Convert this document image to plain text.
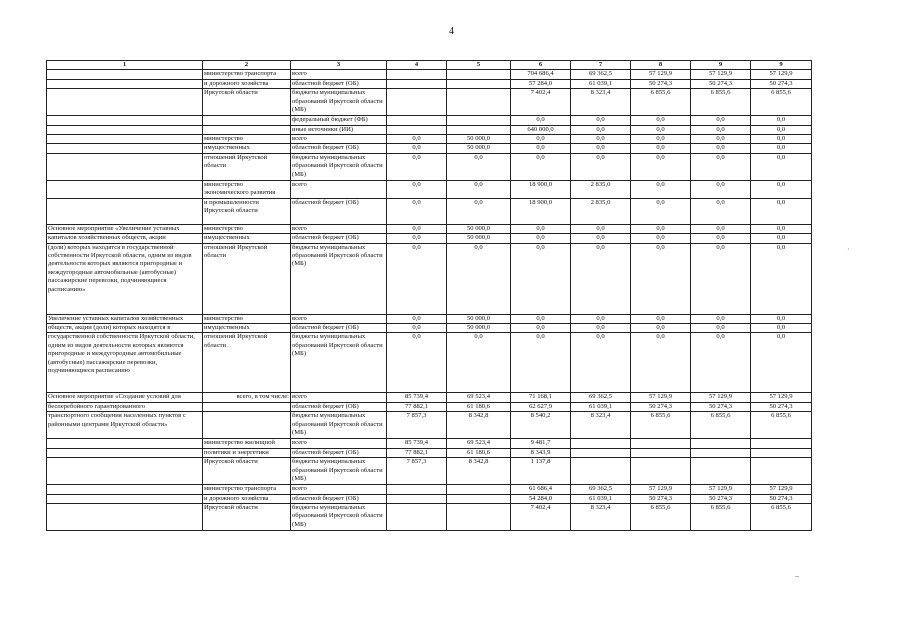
4
1	2	3	4	5	6	7	8	9	9
	министерство транспорта	всего			704 686,4	69 362,5	57 129,9	57 129,9	57 129,9
	и дорожного хозяйства	областной бюджет (ОБ)			57 284,0	61 039,1	50 274,3	50 274,3	50 274,3
	Иркутской области	бюджеты муниципальных образований Иркутской области (МБ)			7 402,4	8 323,4	6 855,6	6 855,6	6 855,6
		федеральный бюджет (ФБ)			0,0	0,0	0,0	0,0	0,0
		иные источники (ИИ)			640 000,0	0,0	0,0	0,0	0,0
	министерство	всего	0,0	50 000,0	0,0	0,0	0,0	0,0	0,0
	имущественных	областной бюджет (ОБ)	0,0	50 000,0	0,0	0,0	0,0	0,0	0,0
	отношений Иркутской области	бюджеты муниципальных образований Иркутской области (МБ)	0,0	0,0	0,0	0,0	0,0	0,0	0,0
	министерство экономического развития	всего	0,0	0,0	18 900,0	2 835,0	0,0	0,0	0,0
	и промышленности Иркутской области	областной бюджет (ОБ)	0,0	0,0	18 900,0	2 835,0	0,0	0,0	0,0
Основное мероприятие «Увеличение уставных	министерство	всего	0,0	50 000,0	0,0	0,0	0,0	0,0	0,0
капиталов хозяйственных обществ, акции	имущественных	областной бюджет (ОБ)	0,0	50 000,0	0,0	0,0	0,0	0,0	0,0
(доли) которых находятся в государственной собственности Иркутской области, одним из видов деятельности которых являются пригородные и междугородные автомобильные (автобусные) пассажирские перевозки, подчиняющиеся расписанию»	отношений Иркутской области	бюджеты муниципальных образований Иркутской области (МБ)	0,0	0,0	0,0	0,0	0,0	0,0	0,0
Увеличение уставных капиталов хозяйственных	министерство	всего	0,0	50 000,0	0,0	0,0	0,0	0,0	0,0
обществ, акции (доли) которых находятся в	имущественных	областной бюджет (ОБ)	0,0	50 000,0	0,0	0,0	0,0	0,0	0,0
государственной собственности Иркутской области, одним из видов деятельности которых являются пригородные и междугородные автомобильные (автобусные) пассажирские перевозки, подчиняющиеся расписанию	отношений Иркутской области	бюджеты муниципальных образований Иркутской области (МБ)	0,0	0,0	0,0	0,0	0,0	0,0	0,0
Основное мероприятие «Создание условий для	всего, в том числе:	всего	85 739,4	69 523,4	71 168,1	69 362,5	57 129,9	57 129,9	57 129,9
бесперебойного гарантированного		областной бюджет (ОБ)	77 882,1	61 180,6	62 627,9	61 039,1	50 274,3	50 274,3	50 274,3
транспортного сообщения населенных пунктов с районными центрами Иркутской области»		бюджеты муниципальных образований Иркутской области (МБ)	7 857,3	8 342,8	8 540,2	8 323,4	6 855,6	6 855,6	6 855,6
	министерство жилищной	всего	85 739,4	69 523,4	9 481,7				
	политики и энергетики	областной бюджет (ОБ)	77 882,1	61 180,6	8 343,9				
	Иркутской области	бюджеты муниципальных образований Иркутской области (МБ)	7 857,3	8 342,8	1 137,8				
	министерство транспорта	всего			61 686,4	69 362,5	57 129,9	57 129,9	57 129,9
	и дорожного хозяйства	областной бюджет (ОБ)			54 284,0	61 039,1	50 274,3	50 274,3	50 274,3
	Иркутской области	бюджеты муниципальных образований Иркутской области (МБ)			7 402,4	8 323,4	6 855,6	6 855,6	6 855,6
–
·
